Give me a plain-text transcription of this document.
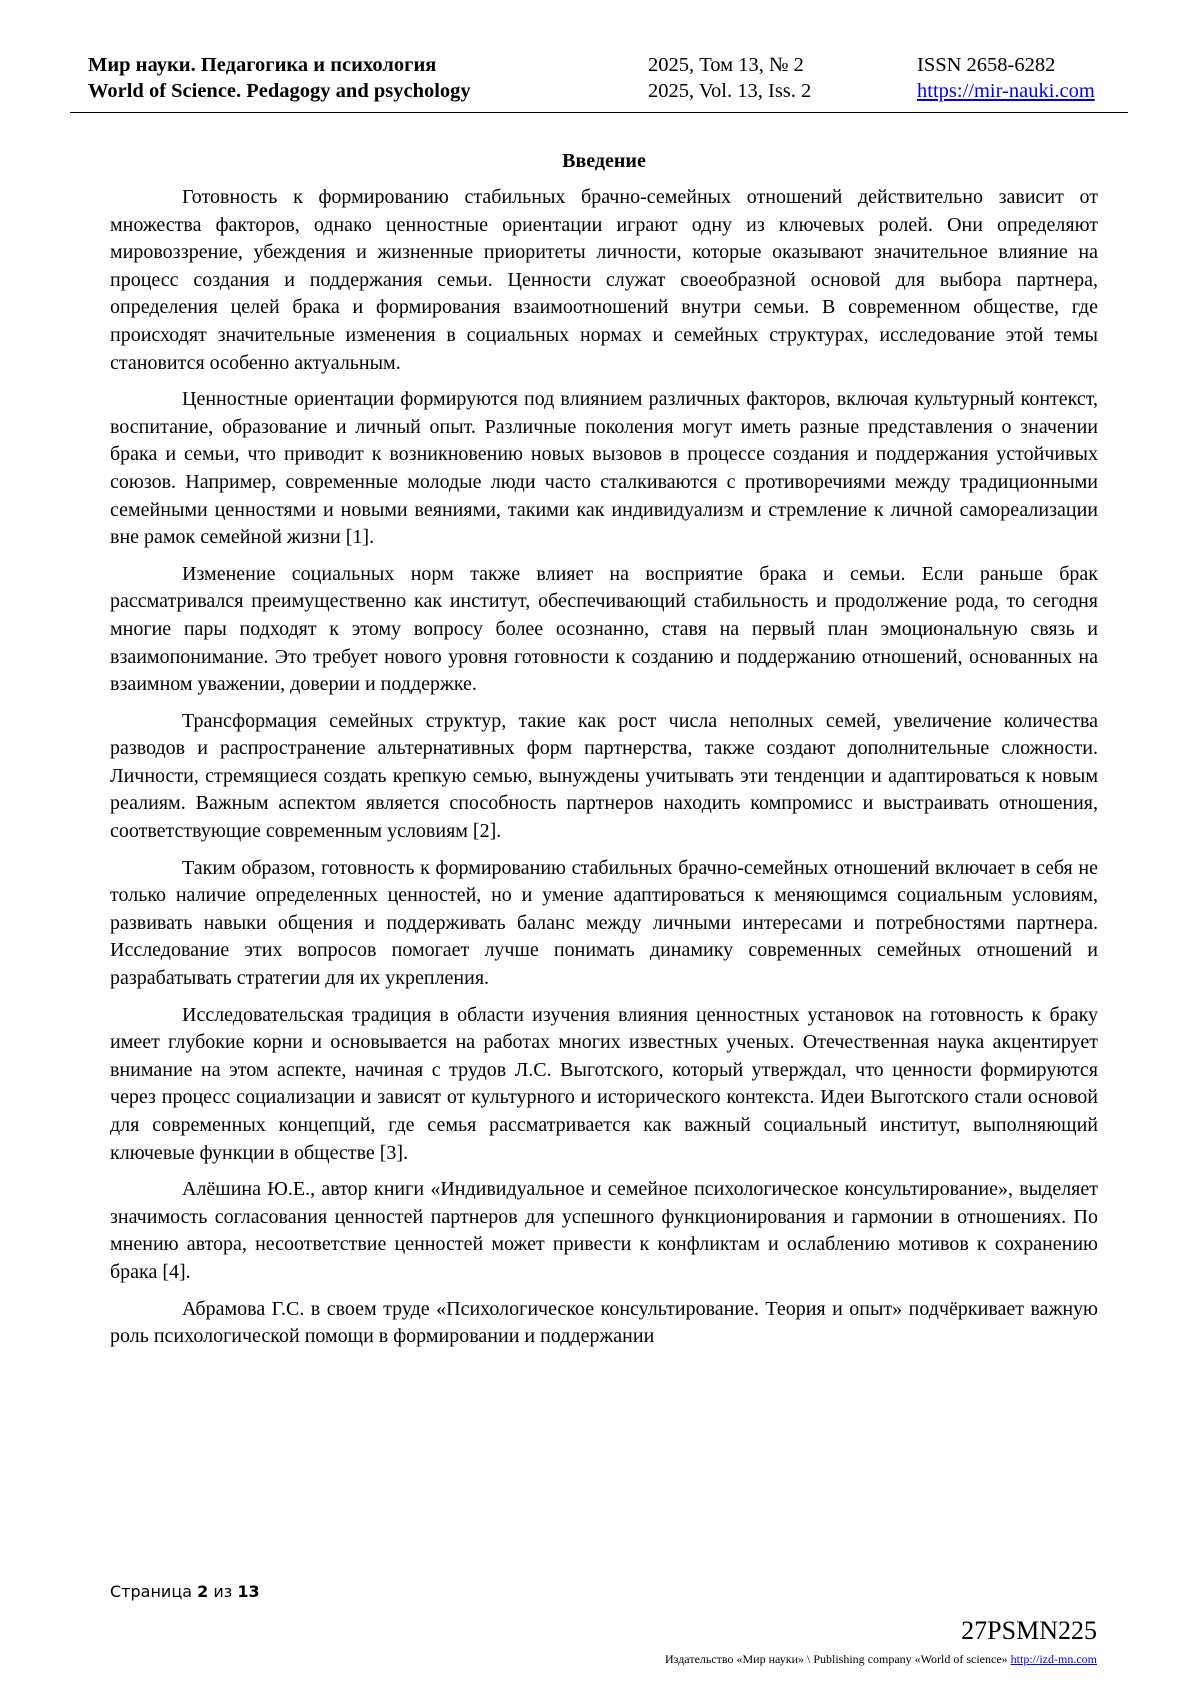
Мир науки. Педагогика и психология
World of Science. Pedagogy and psychology
2025, Том 13, № 2
2025, Vol. 13, Iss. 2
ISSN 2658-6282
https://mir-nauki.com
Введение

Готовность к формированию стабильных брачно-семейных отношений действительно зависит от множества факторов, однако ценностные ориентации играют одну из ключевых ролей. Они определяют мировоззрение, убеждения и жизненные приоритеты личности, которые оказывают значительное влияние на процесс создания и поддержания семьи. Ценности служат своеобразной основой для выбора партнера, определения целей брака и формирования взаимоотношений внутри семьи. В современном обществе, где происходят значительные изменения в социальных нормах и семейных структурах, исследование этой темы становится особенно актуальным.

Ценностные ориентации формируются под влиянием различных факторов, включая культурный контекст, воспитание, образование и личный опыт. Различные поколения могут иметь разные представления о значении брака и семьи, что приводит к возникновению новых вызовов в процессе создания и поддержания устойчивых союзов. Например, современные молодые люди часто сталкиваются с противоречиями между традиционными семейными ценностями и новыми веяниями, такими как индивидуализм и стремление к личной самореализации вне рамок семейной жизни [1].

Изменение социальных норм также влияет на восприятие брака и семьи. Если раньше брак рассматривался преимущественно как институт, обеспечивающий стабильность и продолжение рода, то сегодня многие пары подходят к этому вопросу более осознанно, ставя на первый план эмоциональную связь и взаимопонимание. Это требует нового уровня готовности к созданию и поддержанию отношений, основанных на взаимном уважении, доверии и поддержке.

Трансформация семейных структур, такие как рост числа неполных семей, увеличение количества разводов и распространение альтернативных форм партнерства, также создают дополнительные сложности. Личности, стремящиеся создать крепкую семью, вынуждены учитывать эти тенденции и адаптироваться к новым реалиям. Важным аспектом является способность партнеров находить компромисс и выстраивать отношения, соответствующие современным условиям [2].

Таким образом, готовность к формированию стабильных брачно-семейных отношений включает в себя не только наличие определенных ценностей, но и умение адаптироваться к меняющимся социальным условиям, развивать навыки общения и поддерживать баланс между личными интересами и потребностями партнера. Исследование этих вопросов помогает лучше понимать динамику современных семейных отношений и разрабатывать стратегии для их укрепления.

Исследовательская традиция в области изучения влияния ценностных установок на готовность к браку имеет глубокие корни и основывается на работах многих известных ученых. Отечественная наука акцентирует внимание на этом аспекте, начиная с трудов Л.С. Выготского, который утверждал, что ценности формируются через процесс социализации и зависят от культурного и исторического контекста. Идеи Выготского стали основой для современных концепций, где семья рассматривается как важный социальный институт, выполняющий ключевые функции в обществе [3].

Алёшина Ю.Е., автор книги «Индивидуальное и семейное психологическое консультирование», выделяет значимость согласования ценностей партнеров для успешного функционирования и гармонии в отношениях. По мнению автора, несоответствие ценностей может привести к конфликтам и ослаблению мотивов к сохранению брака [4].

Абрамова Г.С. в своем труде «Психологическое консультирование. Теория и опыт» подчёркивает важную роль психологической помощи в формировании и поддержании

Страница 2 из 13
27PSMN225
Издательство «Мир науки» \ Publishing company «World of science» http://izd-mn.com
